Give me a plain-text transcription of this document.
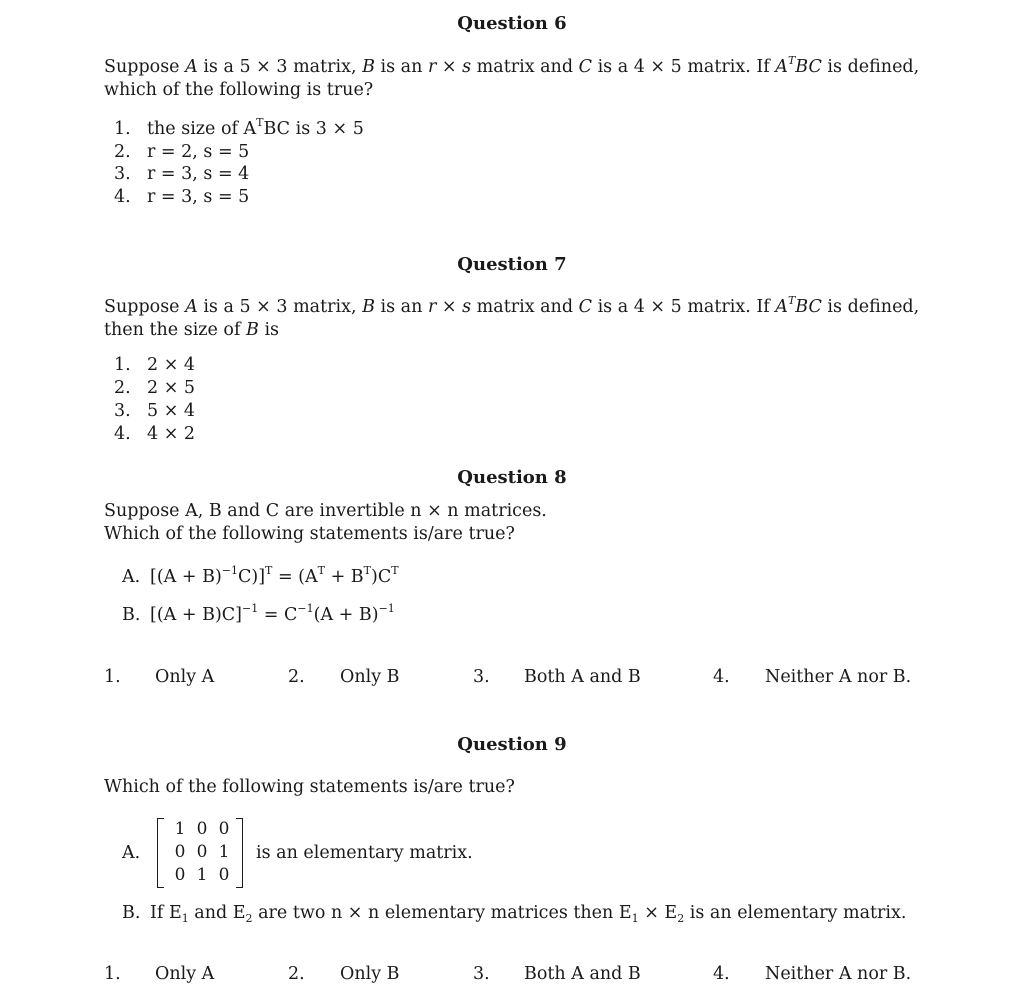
Question 6
Suppose A is a 5 × 3 matrix, B is an r × s matrix and C is a 4 × 5 matrix. If $A^TBC$ is defined, which of the following is true?
1. the size of $A^TBC$ is 3 × 5
2. r = 2, s = 5
3. r = 3, s = 4
4. r = 3, s = 5
Question 7
Suppose A is a 5 × 3 matrix, B is an r × s matrix and C is a 4 × 5 matrix. If $A^TBC$ is defined, then the size of B is
1. 2 × 4
2. 2 × 5
3. 5 × 4
4. 4 × 2
Question 8
Suppose A, B and C are invertible n × n matrices.
Which of the following statements is/are true?
A. $[(A + B)^{-1}C)]^T = (A^T + B^T)C^T$
B. $[(A + B)C]^{-1} = C^{-1}(A + B)^{-1}$
1. Only A	2. Only B	3. Both A and B	4. Neither A nor B.
Question 9
Which of the following statements is/are true?
A.
1 0 0
0 0 1
0 1 0
is an elementary matrix.
B. If $E_1$ and $E_2$ are two n × n elementary matrices then $E_1 \times E_2$ is an elementary matrix.
1. Only A	2. Only B	3. Both A and B	4. Neither A nor B.
